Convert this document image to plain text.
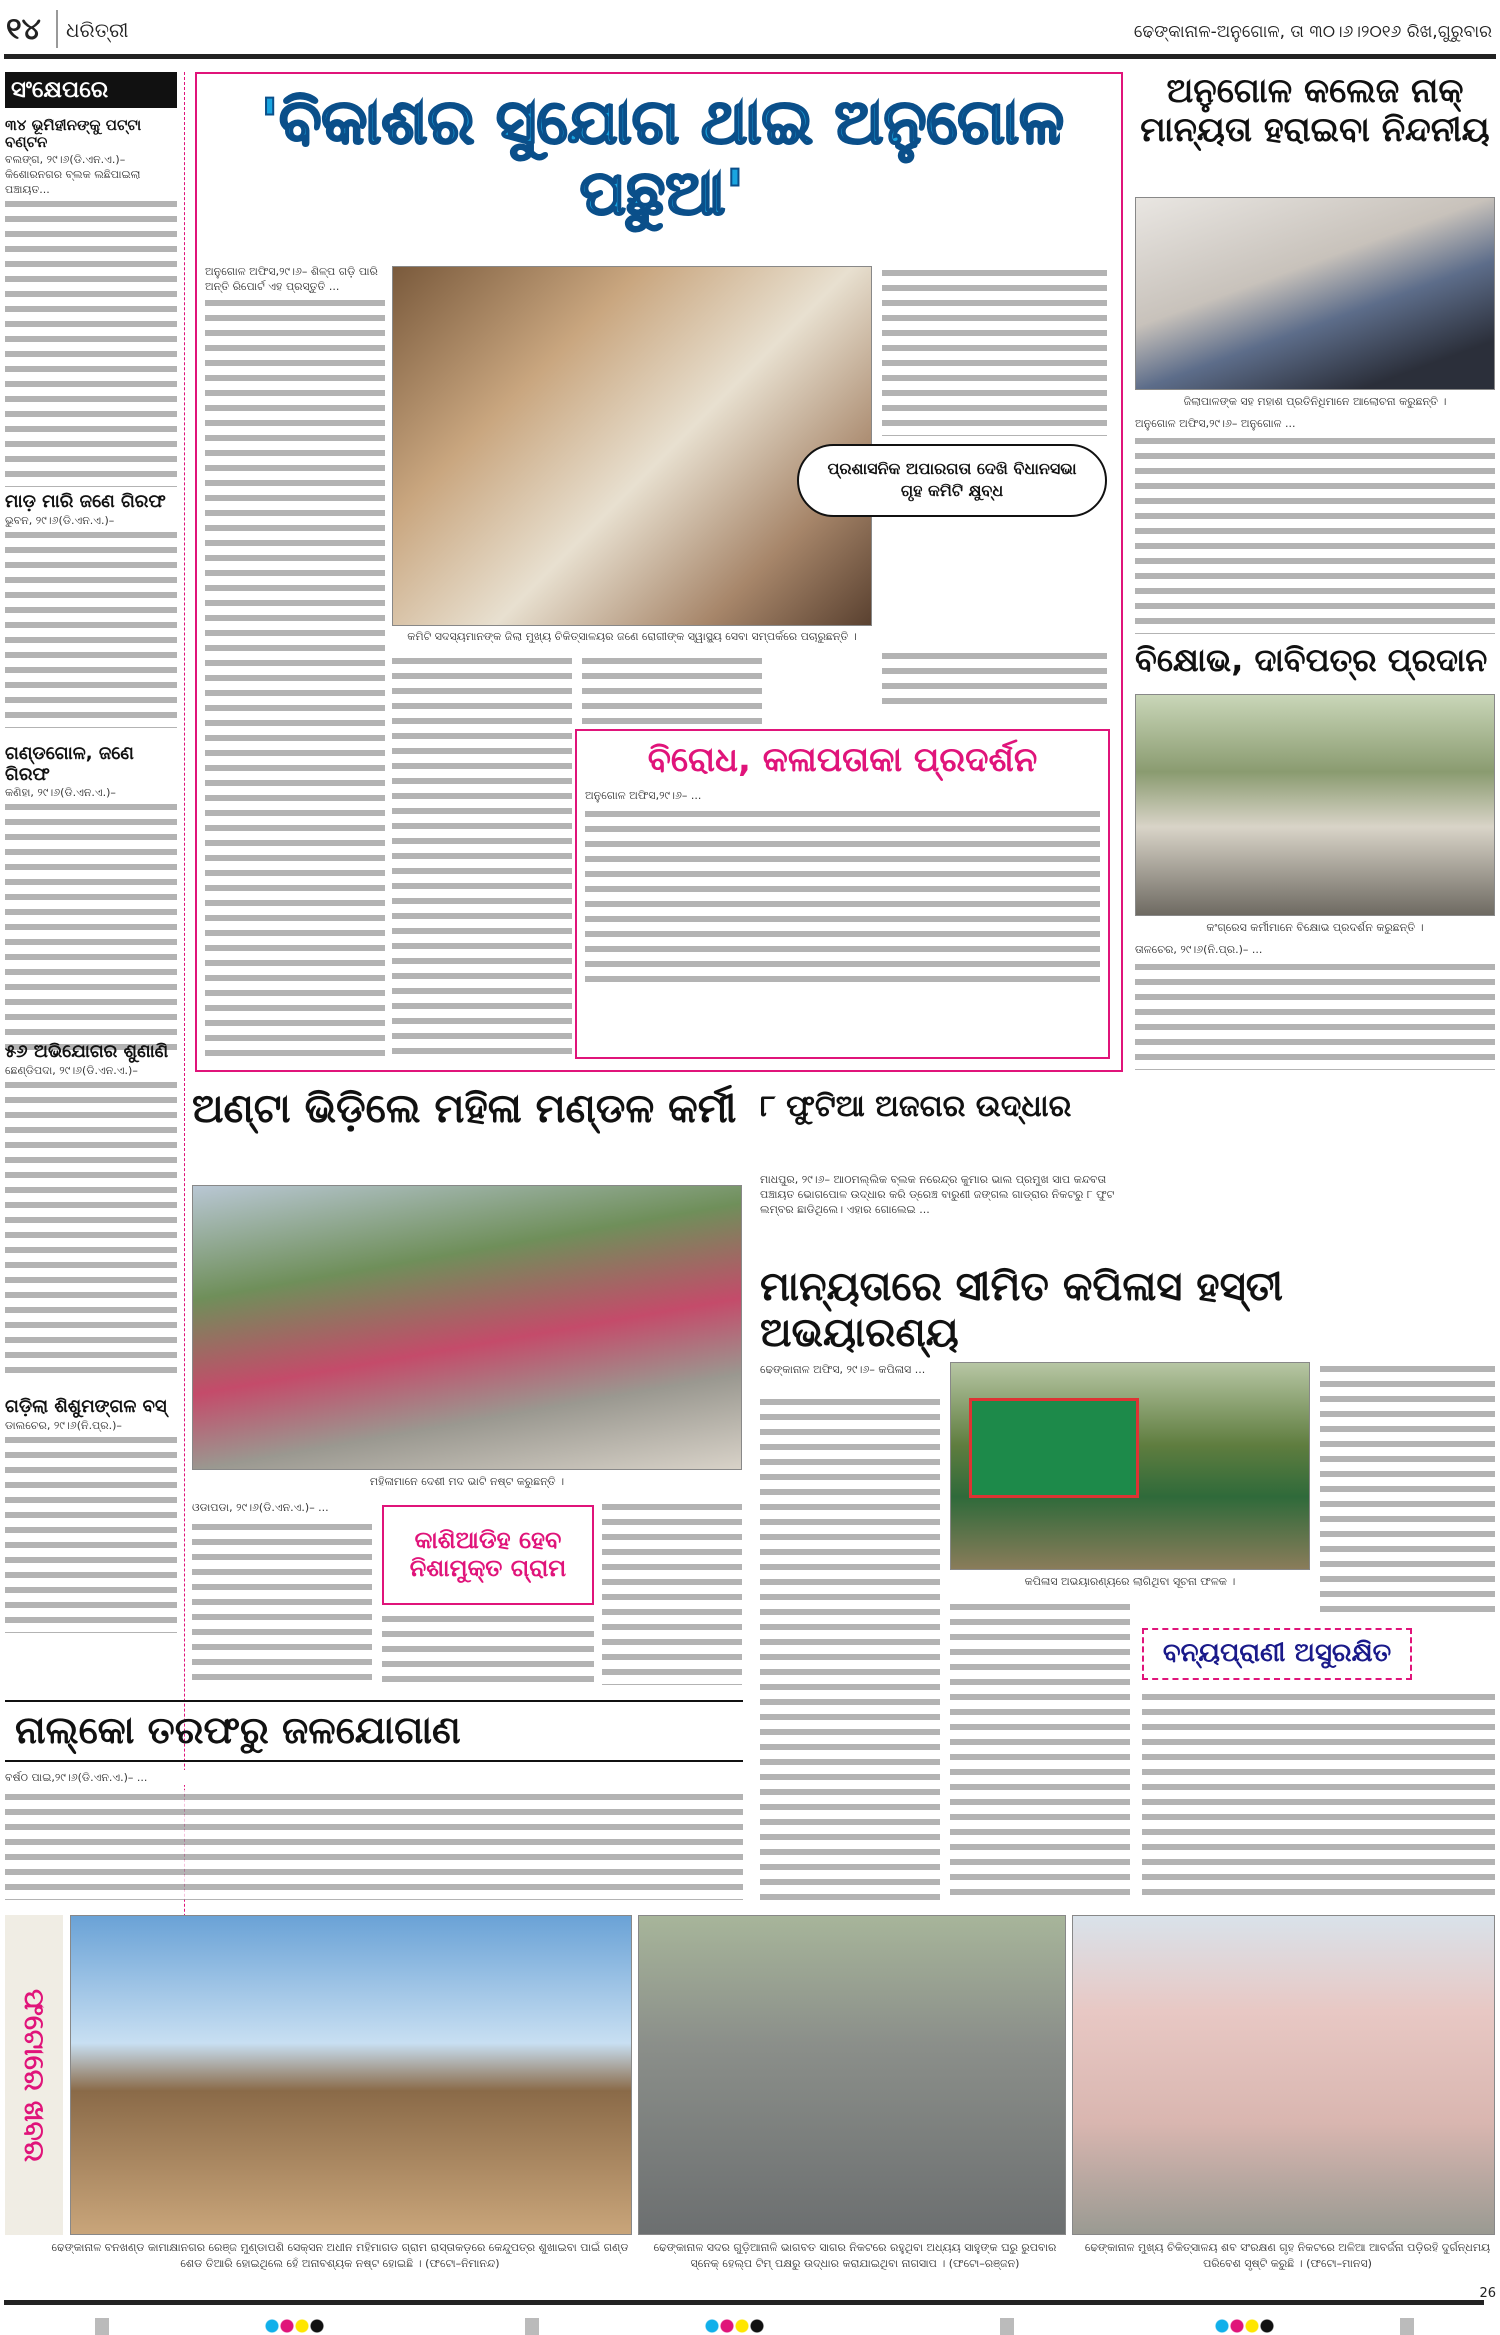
୧୪ ଧରିତ୍ରୀ	ଢେଙ୍କାନାଳ-ଅନୁଗୋଳ, ତା ୩୦।୬।୨୦୧୬ ରିଖ,ଗୁରୁବାର
ସଂକ୍ଷେପରେ
୩୪ ଭୂମିହୀନଙ୍କୁ ପଟ୍ଟା ବଣ୍ଟନ
ବଲଙ୍ଗ, ୨୯।୬(ଡି.ଏନ.ଏ.)– କିଶୋରନଗର ବ୍ଲକ ଲଛିପାଇଲା ପଞ୍ଚାୟତ...
ମାଡ଼ ମାରି ଜଣେ ଗିରଫ
ଭୁବନ, ୨୯।୬(ଡି.ଏନ.ଏ.)–
ଗଣ୍ଡଗୋଳ, ଜଣେ ଗିରଫ
କଣିହା, ୨୯।୬(ଡି.ଏନ.ଏ.)–
୫୬ ଅଭିଯୋଗର ଶୁଣାଣି
ଛେଣ୍ଡିପଦା, ୨୯।୬(ଡି.ଏନ.ଏ.)–
ଗଡ଼ିଲା ଶିଶୁମଙ୍ଗଳ ବସ୍
ଡାଲଚେର, ୨୯।୬(ନି.ପ୍ର.)–
'ବିକାଶର ସୁଯୋଗ ଥାଇ ଅନୁଗୋଳ ପଛୁଆ'
ଅନୁଗୋଳ ଅଫିସ,୨୯।୬– ଶିଳ୍ପ ଗଡ଼ି ପାରି ଅନ୍ତି ରିପୋର୍ଟ ଏହ ପ୍ରସ୍ତୁତି ...
କମିଟି ସଦସ୍ୟମାନଙ୍କ ଜିଲା ମୁଖ୍ୟ ଚିକିତ୍ସାଳୟର ଜଣେ ରୋଗୀଙ୍କ ସ୍ୱାସ୍ଥ୍ୟ ସେବା ସମ୍ପର୍କରେ ପଚାରୁଛନ୍ତି ।
ପ୍ରଶାସନିକ ଅପାରଗତା ଦେଖି ବିଧାନସଭା ଗୃହ କମିଟି କ୍ଷୁବ୍ଧ
ବିରୋଧ, କଳାପତାକା ପ୍ରଦର୍ଶନ
ଅନୁଗୋଳ ଅଫିସ,୨୯।୬– ...
ଅନୁଗୋଳ କଲେଜ ନାକ୍ ମାନ୍ୟତା ହରାଇବା ନିନ୍ଦନୀୟ
ଜିଲାପାଳଙ୍କ ସହ ମହାଶ ପ୍ରତିନିଧିମାନେ ଆଲୋଚନା କରୁଛନ୍ତି ।
ଅନୁଗୋଳ ଅଫିସ,୨୯।୬– ଅନୁଗୋଳ ...
ବିକ୍ଷୋଭ, ଦାବିପତ୍ର ପ୍ରଦାନ
କଂଗ୍ରେସ କର୍ମୀମାନେ ବିକ୍ଷୋଭ ପ୍ରଦର୍ଶନ କରୁଛନ୍ତି ।
ତାଳଚେର, ୨୯।୬(ନି.ପ୍ର.)– ...
ଅଣ୍ଟା ଭିଡ଼ିଲେ ମହିଳା ମଣ୍ଡଳ କର୍ମୀ
ମହିଳାମାନେ ଦେଶୀ ମଦ ଭାଟି ନଷ୍ଟ କରୁଛନ୍ତି ।
ଓଡାପଡା, ୨୯।୬(ଡି.ଏନ.ଏ.)– ...
କାଶିଆଡିହ ହେବ ନିଶାମୁକ୍ତ ଗ୍ରାମ
୮ ଫୁଟିଆ ଅଜଗର ଉଦ୍ଧାର
ମାଧପୁର, ୨୯।୬– ଆଠମଲ୍ଲିକ ବ୍ଲକ ନରେନ୍ଦ୍ର କୁମାର ଭାଲ ପ୍ରମୁଖ ସାପ କନ୍ଦବତା ପଞ୍ଚାୟତ ଭୋଗପୋଳ ଉଦ୍ଧାର କରି ଡ୍ରେଞ୍ଚ ବାରୁଣୀ ଜଙ୍ଗଲ ଗାଡ୍ରାର ନିକଟରୁ ୮ ଫୁଟ ଲମ୍ବର ଛାଡିଥିଲେ। ଏହାର ଗୋଲେଇ ...
ମାନ୍ୟତାରେ ସୀମିତ କପିଳାସ ହସ୍ତୀ ଅଭୟାରଣ୍ୟ
ଢେଙ୍କାନାଳ ଅଫିସ, ୨୯।୬– କପିଳାସ ...
କପିଳାସ ଅଭୟାରଣ୍ୟରେ ଲାଗିଥିବା ସୂଚନା ଫଳକ ।
ବନ୍ୟପ୍ରାଣୀ ଅସୁରକ୍ଷିତ
ନାଲ୍କୋ ତରଫରୁ ଜଳଯୋଗାଣ
ବର୍ଷଠ ପାଇ,୨୯।୬(ଡି.ଏନ.ଏ.)– ...
ଫଟୋରେ ଖବର
ଢେଙ୍କାନାଳ ବନଖଣ୍ଡ କାମାକ୍ଷାନଗର ରେଞ୍ଜ ମୁଣ୍ଡାପଶି ସେକ୍ସନ ଅଧୀନ ମହିମାଗଡ ଗ୍ରାମ ରାସ୍ତାକଡ଼ରେ କେନ୍ଦୁପତ୍ର ଶୁଖାଇବା ପାଇଁ ଗଣ୍ଡ ଶେଡ ତିଆରି ହୋଇଥିଲେ ହେଁ ଅନାବଶ୍ୟକ ନଷ୍ଟ ହୋଇଛି । (ଫଟୋ–ନିମାନନ୍ଦ)
ଢେଙ୍କାନାଳ ସଦର ଗୁଡ଼ିଆନାଳି ଭାଗବତ ସାଗର ନିକଟରେ ରହୁଥିବା ଅଧ୍ୟୟ ସାହୁଙ୍କ ଘରୁ ରୁପବାର ସ୍ନେକ୍ ହେଲ୍ପ ଟିମ୍ ପକ୍ଷରୁ ଉଦ୍ଧାର କରାଯାଇଥିବା ନାଗସାପ । (ଫଟୋ–ରଞ୍ଜନ)
ଢେଙ୍କାନାଳ ମୁଖ୍ୟ ଚିକିତ୍ସାଳୟ ଶବ ସଂରକ୍ଷଣ ଗୃହ ନିକଟରେ ଅଳିଆ ଆବର୍ଜନା ପଡ଼ିରହି ଦୁର୍ଗନ୍ଧମୟ ପରିବେଶ ସୃଷ୍ଟି କରୁଛି । (ଫଟୋ–ମାନସ)
26
